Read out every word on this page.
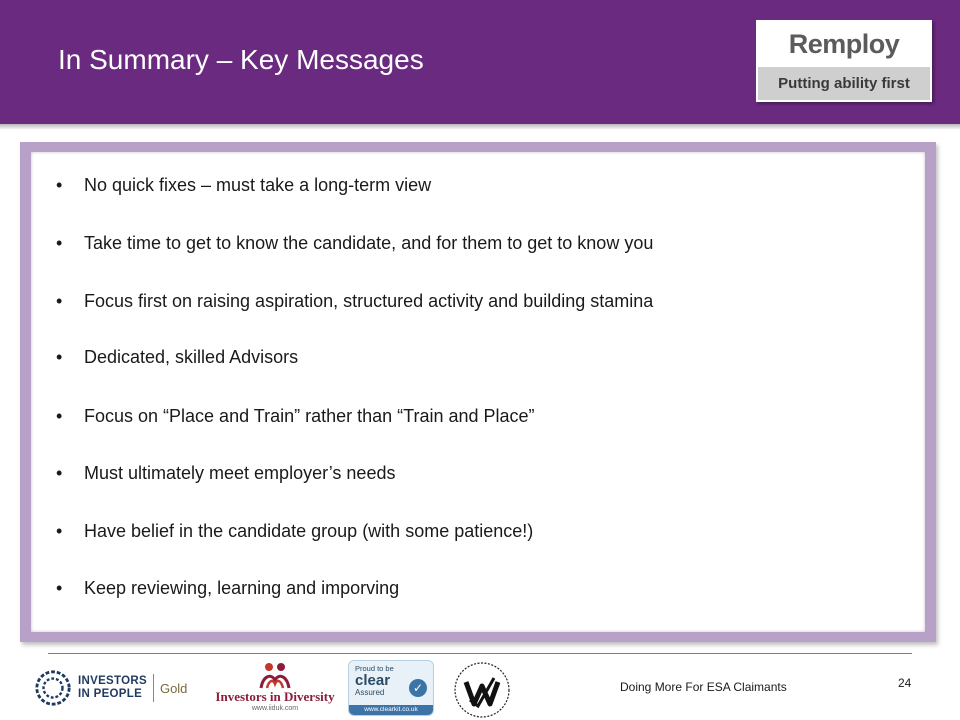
In Summary – Key Messages	Remploy
Putting ability first
• No quick fixes – must take a long-term view
• Take time to get to know the candidate, and for them to get to know you
• Focus first on raising aspiration, structured activity and building stamina
• Dedicated, skilled Advisors
• Focus on “Place and Train” rather than “Train and Place”
• Must ultimately meet employer’s needs
• Have belief in the candidate group (with some patience!)
• Keep reviewing, learning and imporving
INVESTORS
IN PEOPLE	Gold
Investors in Diversity
www.iiduk.com
Proud to be
clear
Assured	✓
www.clearkit.co.uk
Doing More For ESA Claimants	24
